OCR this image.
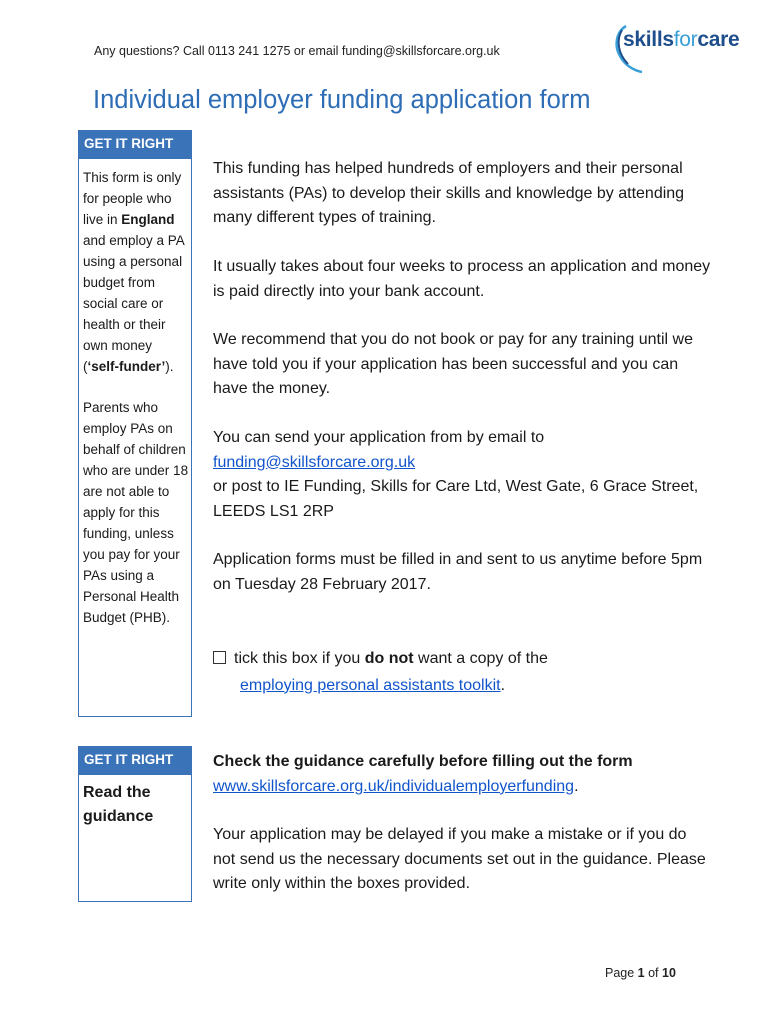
Any questions? Call 0113 241 1275 or email funding@skillsforcare.org.uk	skillsforcare
Individual employer funding application form
GET IT RIGHT

This form is only for people who live in England and employ a PA using a personal budget from social care or health or their own money (‘self-funder’).

Parents who employ PAs on behalf of children who are under 18 are not able to apply for this funding, unless you pay for your PAs using a Personal Health Budget (PHB).

GET IT RIGHT
Read the guidance

This funding has helped hundreds of employers and their personal assistants (PAs) to develop their skills and knowledge by attending many different types of training.

It usually takes about four weeks to process an application and money is paid directly into your bank account.

We recommend that you do not book or pay for any training until we have told you if your application has been successful and you can have the money.

You can send your application from by email to
funding@skillsforcare.org.uk
or post to IE Funding, Skills for Care Ltd, West Gate, 6 Grace Street, LEEDS LS1 2RP

Application forms must be filled in and sent to us anytime before 5pm on Tuesday 28 February 2017.

tick this box if you do not want a copy of the
employing personal assistants toolkit.
Check the guidance carefully before filling out the form
www.skillsforcare.org.uk/individualemployerfunding.

Your application may be delayed if you make a mistake or if you do not send us the necessary documents set out in the guidance. Please write only within the boxes provided.

Page 1 of 10
